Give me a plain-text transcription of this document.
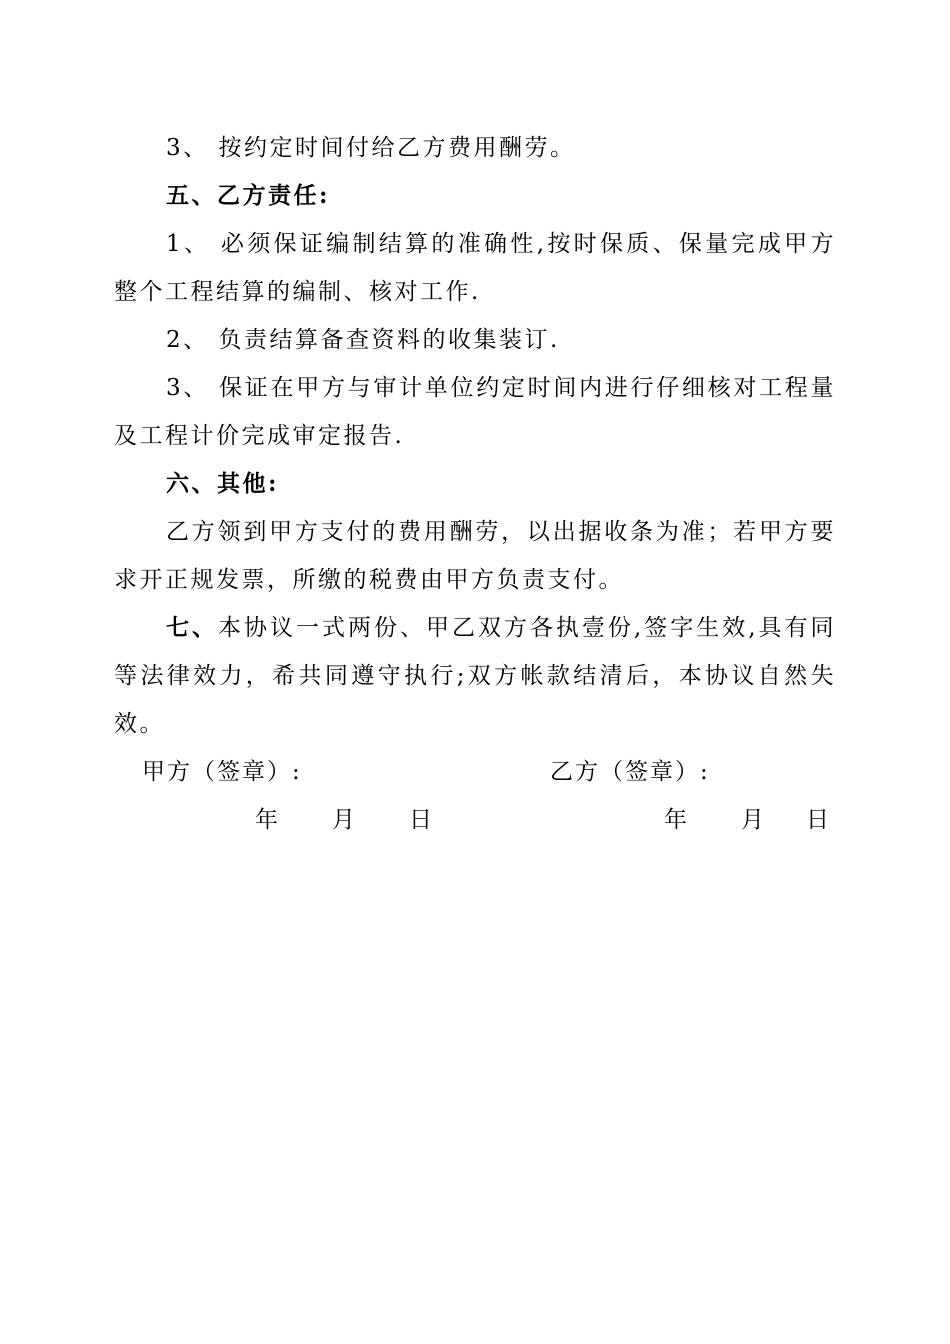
3、 按约定时间付给乙方费用酬劳。

五、乙方责任:

1、 必须保证编制结算的准确性,按时保质、保量完成甲方整个工程结算的编制、核对工作.

2、 负责结算备查资料的收集装订.

3、 保证在甲方与审计单位约定时间内进行仔细核对工程量及工程计价完成审定报告.

六、其他:

乙方领到甲方支付的费用酬劳，以出据收条为准；若甲方要求开正规发票，所缴的税费由甲方负责支付。

七、本协议一式两份、甲乙双方各执壹份,签字生效,具有同等法律效力，希共同遵守执行;双方帐款结清后，本协议自然失效。

甲方（签章）:	乙方（签章）:
年 月 日	年 月 日
